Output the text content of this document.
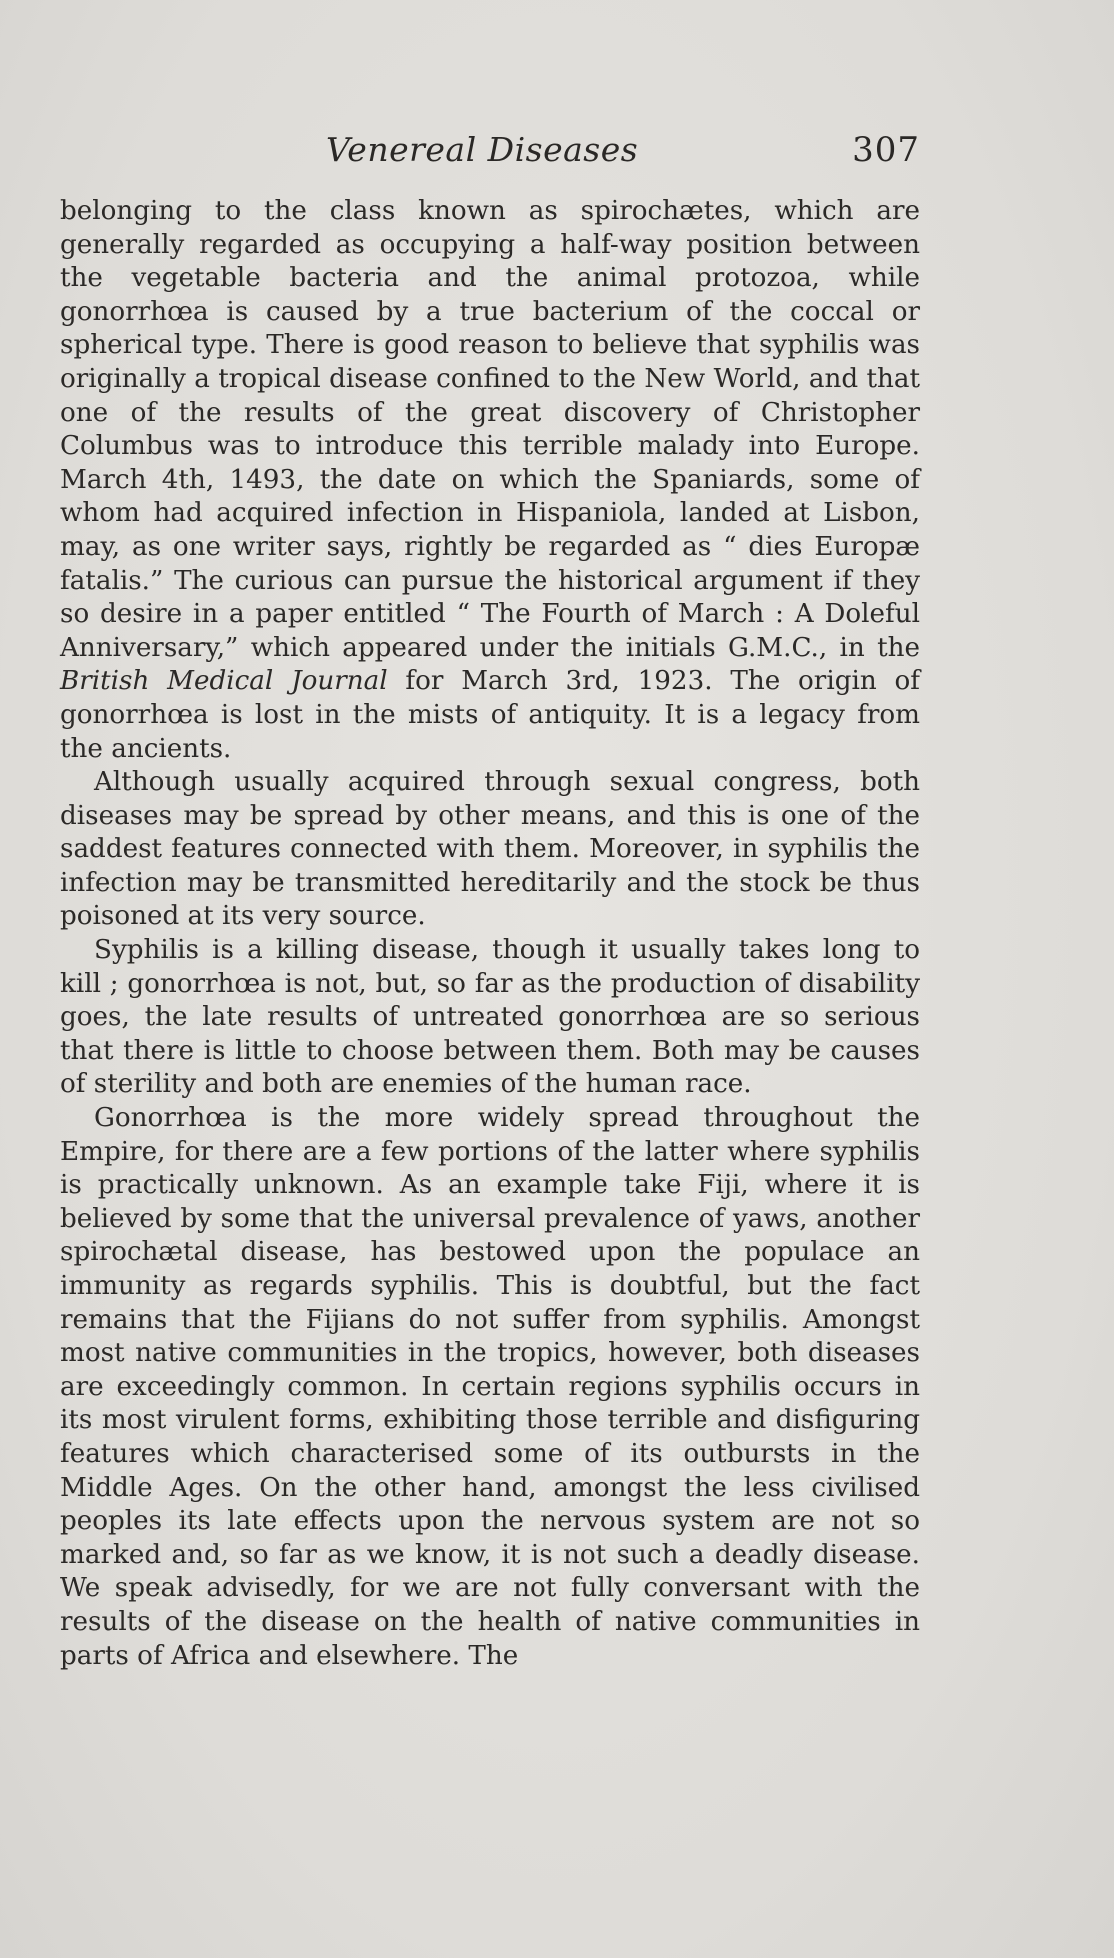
Venereal Diseases	307

belonging to the class known as spirochætes, which are generally regarded as occupying a half-way position between the vegetable bacteria and the animal protozoa, while gonorrhœa is caused by a true bacterium of the coccal or spherical type. There is good reason to believe that syphilis was originally a tropical disease confined to the New World, and that one of the results of the great discovery of Christopher Columbus was to introduce this terrible malady into Europe. March 4th, 1493, the date on which the Spaniards, some of whom had acquired infection in Hispaniola, landed at Lisbon, may, as one writer says, rightly be regarded as “ dies Europæ fatalis.” The curious can pursue the historical argument if they so desire in a paper entitled “ The Fourth of March : A Doleful Anniversary,” which appeared under the initials G.M.C., in the British Medical Journal for March 3rd, 1923. The origin of gonorrhœa is lost in the mists of antiquity. It is a legacy from the ancients.

Although usually acquired through sexual congress, both diseases may be spread by other means, and this is one of the saddest features connected with them. Moreover, in syphilis the infection may be transmitted hereditarily and the stock be thus poisoned at its very source.

Syphilis is a killing disease, though it usually takes long to kill ; gonorrhœa is not, but, so far as the production of disability goes, the late results of untreated gonorrhœa are so serious that there is little to choose between them. Both may be causes of sterility and both are enemies of the human race.

Gonorrhœa is the more widely spread throughout the Empire, for there are a few portions of the latter where syphilis is practically unknown. As an example take Fiji, where it is believed by some that the universal prevalence of yaws, another spirochætal disease, has bestowed upon the populace an immunity as regards syphilis. This is doubtful, but the fact remains that the Fijians do not suffer from syphilis. Amongst most native communities in the tropics, however, both diseases are exceedingly common. In certain regions syphilis occurs in its most virulent forms, exhibiting those terrible and disfiguring features which characterised some of its outbursts in the Middle Ages. On the other hand, amongst the less civilised peoples its late effects upon the nervous system are not so marked and, so far as we know, it is not such a deadly disease. We speak advisedly, for we are not fully conversant with the results of the disease on the health of native communities in parts of Africa and elsewhere. The
